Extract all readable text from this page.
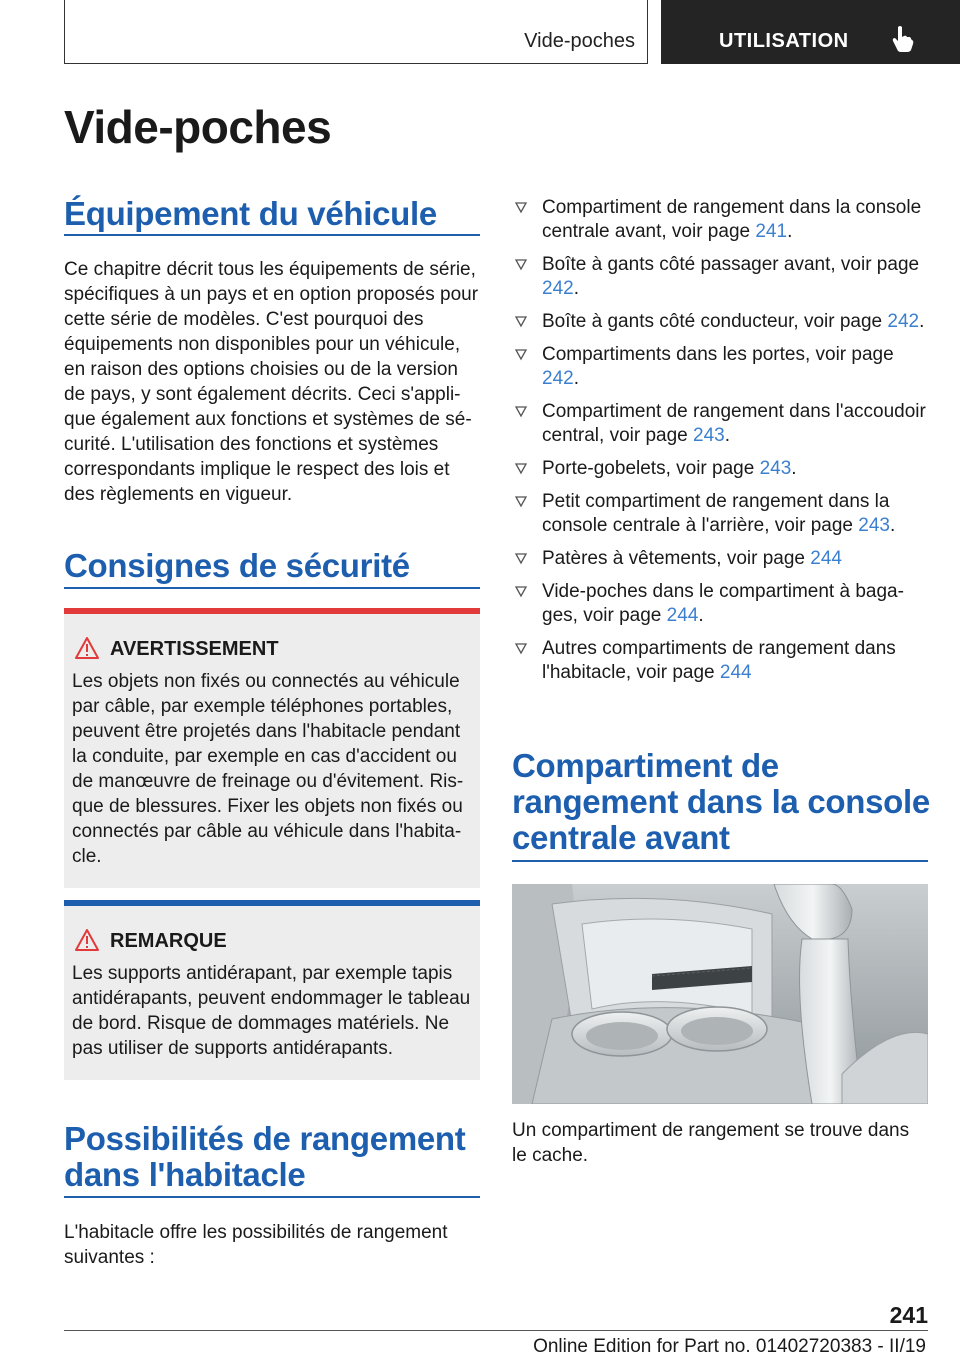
Vide-poches	UTILISATION
Vide-poches
Équipement du véhicule
Ce chapitre décrit tous les équipements de série, spécifiques à un pays et en option proposés pour cette série de modèles. C'est pourquoi des équipements non disponibles pour un véhicule, en raison des options choisies ou de la version de pays, y sont également décrits. Ceci s'applique également aux fonctions et systèmes de sécurité. L'utilisation des fonctions et systèmes correspondants implique le respect des lois et des règlements en vigueur.
Consignes de sécurité
AVERTISSEMENT
Les objets non fixés ou connectés au véhicule par câble, par exemple téléphones portables, peuvent être projetés dans l'habitacle pendant la conduite, par exemple en cas d'accident ou de manœuvre de freinage ou d'évitement. Risque de blessures. Fixer les objets non fixés ou connectés par câble au véhicule dans l'habitacle.
REMARQUE
Les supports antidérapant, par exemple tapis antidérapants, peuvent endommager le tableau de bord. Risque de dommages matériels. Ne pas utiliser de supports antidérapants.
Possibilités de rangement
dans l'habitacle
L'habitacle offre les possibilités de rangement suivantes :
Compartiment de rangement dans la console centrale avant, voir page 241.
Boîte à gants côté passager avant, voir page 242.
Boîte à gants côté conducteur, voir page 242.
Compartiments dans les portes, voir page 242.
Compartiment de rangement dans l'accoudoir central, voir page 243.
Porte-gobelets, voir page 243.
Petit compartiment de rangement dans la console centrale à l'arrière, voir page 243.
Patères à vêtements, voir page 244
Vide-poches dans le compartiment à bagages, voir page 244.
Autres compartiments de rangement dans l'habitacle, voir page 244
Compartiment de
rangement dans la console
centrale avant
Un compartiment de rangement se trouve dans le cache.
241
Online Edition for Part no. 01402720383 - II/19
